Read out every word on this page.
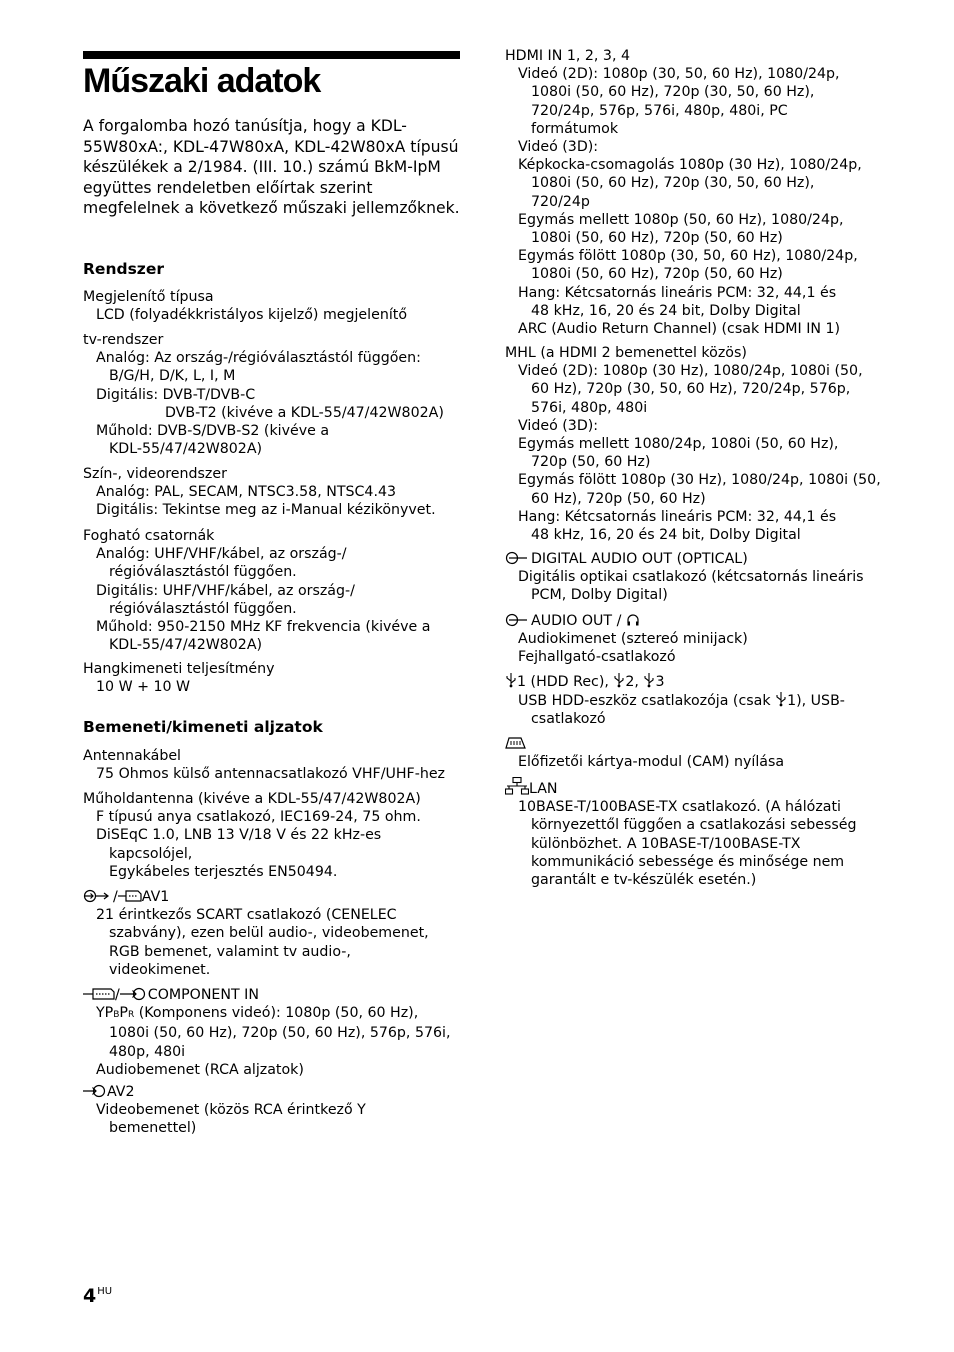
Műszaki adatok

A forgalomba hozó tanúsítja, hogy a KDL-55W80xA:, KDL-47W80xA, KDL-42W80xA típusú készülékek a 2/1984. (III. 10.) számú BkM-IpM együttes rendeletben előírtak szerint megfelelnek a következő műszaki jellemzőknek.

Rendszer
Megjelenítő típusa
LCD (folyadékkristályos kijelző) megjelenítő
tv-rendszer
Analóg: Az ország-/régióválasztástól függően:
B/G/H, D/K, L, I, M
Digitális: DVB-T/DVB-C
DVB-T2 (kivéve a KDL-55/47/42W802A)
Műhold: DVB-S/DVB-S2 (kivéve a
KDL-55/47/42W802A)
Szín-, videorendszer
Analóg: PAL, SECAM, NTSC3.58, NTSC4.43
Digitális: Tekintse meg az i-Manual kézikönyvet.
Fogható csatornák
Analóg: UHF/VHF/kábel, az ország-/
régióválasztástól függően.
Digitális: UHF/VHF/kábel, az ország-/
régióválasztástól függően.
Műhold: 950-2150 MHz KF frekvencia (kivéve a
KDL-55/47/42W802A)
Hangkimeneti teljesítmény
10 W + 10 W
Bemeneti/kimeneti aljzatok
Antennakábel
75 Ohmos külső antennacsatlakozó VHF/UHF-hez
Műholdantenna (kivéve a KDL-55/47/42W802A)
F típusú anya csatlakozó, IEC169-24, 75 ohm.
DiSEqC 1.0, LNB 13 V/18 V és 22 kHz-es
kapcsolójel,
Egykábeles terjesztés EN50494.
/ AV1
21 érintkezős SCART csatlakozó (CENELEC
szabvány), ezen belül audio-, videobemenet,
RGB bemenet, valamint tv audio-,
videokimenet.
/ COMPONENT IN
YPBPR (Komponens videó): 1080p (50, 60 Hz),
1080i (50, 60 Hz), 720p (50, 60 Hz), 576p, 576i,
480p, 480i
Audiobemenet (RCA aljzatok)
AV2
Videobemenet (közös RCA érintkező Y
bemenettel)
$4^{HU}$
HDMI IN 1, 2, 3, 4
Videó (2D): 1080p (30, 50, 60 Hz), 1080/24p,
1080i (50, 60 Hz), 720p (30, 50, 60 Hz),
720/24p, 576p, 576i, 480p, 480i, PC
formátumok
Videó (3D):
Képkocka-csomagolás 1080p (30 Hz), 1080/24p,
1080i (50, 60 Hz), 720p (30, 50, 60 Hz),
720/24p
Egymás mellett 1080p (50, 60 Hz), 1080/24p,
1080i (50, 60 Hz), 720p (50, 60 Hz)
Egymás fölött 1080p (30, 50, 60 Hz), 1080/24p,
1080i (50, 60 Hz), 720p (50, 60 Hz)
Hang: Kétcsatornás lineáris PCM: 32, 44,1 és
48 kHz, 16, 20 és 24 bit, Dolby Digital
ARC (Audio Return Channel) (csak HDMI IN 1)
MHL (a HDMI 2 bemenettel közös)
Videó (2D): 1080p (30 Hz), 1080/24p, 1080i (50,
60 Hz), 720p (30, 50, 60 Hz), 720/24p, 576p,
576i, 480p, 480i
Videó (3D):
Egymás mellett 1080/24p, 1080i (50, 60 Hz),
720p (50, 60 Hz)
Egymás fölött 1080p (30 Hz), 1080/24p, 1080i (50,
60 Hz), 720p (50, 60 Hz)
Hang: Kétcsatornás lineáris PCM: 32, 44,1 és
48 kHz, 16, 20 és 24 bit, Dolby Digital
DIGITAL AUDIO OUT (OPTICAL)
Digitális optikai csatlakozó (kétcsatornás lineáris
PCM, Dolby Digital)
AUDIO OUT /
Audiokimenet (sztereó minijack)
Fejhallgató-csatlakozó
1 (HDD Rec),
2,
3
USB HDD-eszköz csatlakozója (csak
1), USB-
csatlakozó
Előfizetői kártya-modul (CAM) nyílása
LAN
10BASE-T/100BASE-TX csatlakozó. (A hálózati
környezettől függően a csatlakozási sebesség
különbözhet. A 10BASE-T/100BASE-TX
kommunikáció sebessége és minősége nem
garantált e tv-készülék esetén.)
